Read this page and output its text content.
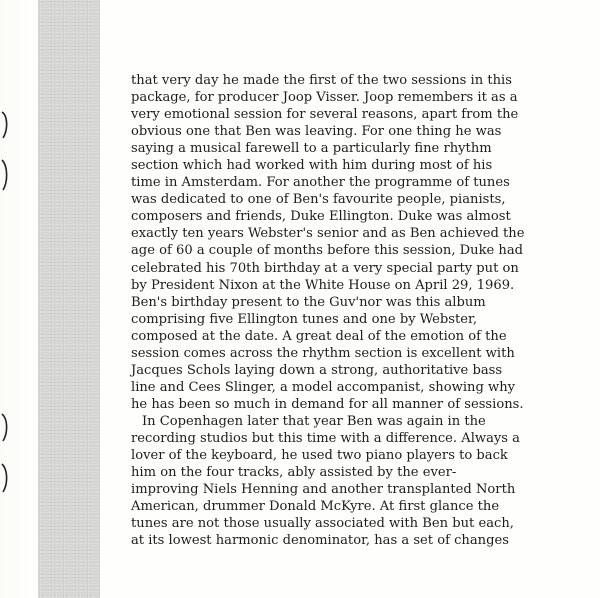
that very day he made the first of the two sessions in this
package, for producer Joop Visser. Joop remembers it as a
very emotional session for several reasons, apart from the
obvious one that Ben was leaving. For one thing he was
saying a musical farewell to a particularly fine rhythm
section which had worked with him during most of his
time in Amsterdam. For another the programme of tunes
was dedicated to one of Ben's favourite people, pianists,
composers and friends, Duke Ellington. Duke was almost
exactly ten years Webster's senior and as Ben achieved the
age of 60 a couple of months before this session, Duke had
celebrated his 70th birthday at a very special party put on
by President Nixon at the White House on April 29, 1969.
Ben's birthday present to the Guv'nor was this album
comprising five Ellington tunes and one by Webster,
composed at the date. A great deal of the emotion of the
session comes across the rhythm section is excellent with
Jacques Schols laying down a strong, authoritative bass
line and Cees Slinger, a model accompanist, showing why
he has been so much in demand for all manner of sessions.
In Copenhagen later that year Ben was again in the
recording studios but this time with a difference. Always a
lover of the keyboard, he used two piano players to back
him on the four tracks, ably assisted by the ever-
improving Niels Henning and another transplanted North
American, drummer Donald McKyre. At first glance the
tunes are not those usually associated with Ben but each,
at its lowest harmonic denominator, has a set of changes
